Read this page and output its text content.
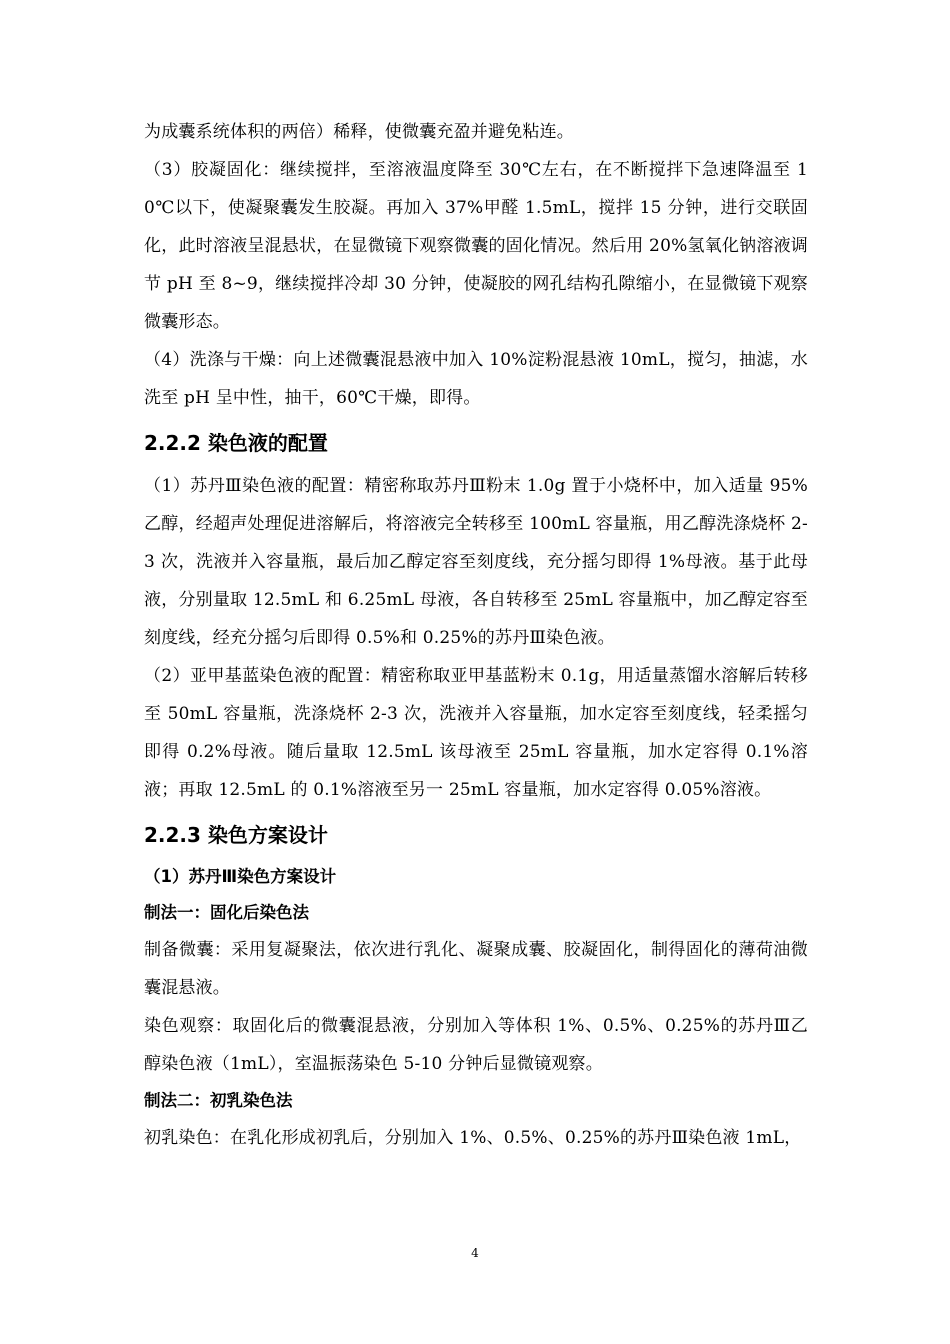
为成囊系统体积的两倍）稀释，使微囊充盈并避免粘连。

（3）胶凝固化：继续搅拌，至溶液温度降至 30℃左右，在不断搅拌下急速降温至 10℃以下，使凝聚囊发生胶凝。再加入 37%甲醛 1.5mL，搅拌 15 分钟，进行交联固化，此时溶液呈混悬状，在显微镜下观察微囊的固化情况。然后用 20%氢氧化钠溶液调节 pH 至 8~9，继续搅拌冷却 30 分钟，使凝胶的网孔结构孔隙缩小，在显微镜下观察微囊形态。

（4）洗涤与干燥：向上述微囊混悬液中加入 10%淀粉混悬液 10mL，搅匀，抽滤，水洗至 pH 呈中性，抽干，60℃干燥，即得。

2.2.2 染色液的配置

（1）苏丹Ⅲ染色液的配置：精密称取苏丹Ⅲ粉末 1.0g 置于小烧杯中，加入适量 95%乙醇，经超声处理促进溶解后，将溶液完全转移至 100mL 容量瓶，用乙醇洗涤烧杯 2-3 次，洗液并入容量瓶，最后加乙醇定容至刻度线，充分摇匀即得 1%母液。基于此母液，分别量取 12.5mL 和 6.25mL 母液，各自转移至 25mL 容量瓶中，加乙醇定容至刻度线，经充分摇匀后即得 0.5%和 0.25%的苏丹Ⅲ染色液。

（2）亚甲基蓝染色液的配置：精密称取亚甲基蓝粉末 0.1g，用适量蒸馏水溶解后转移至 50mL 容量瓶，洗涤烧杯 2-3 次，洗液并入容量瓶，加水定容至刻度线，轻柔摇匀即得 0.2%母液。随后量取 12.5mL 该母液至 25mL 容量瓶，加水定容得 0.1%溶液；再取 12.5mL 的 0.1%溶液至另一 25mL 容量瓶，加水定容得 0.05%溶液。

2.2.3 染色方案设计

（1）苏丹Ⅲ染色方案设计

制法一：固化后染色法

制备微囊：采用复凝聚法，依次进行乳化、凝聚成囊、胶凝固化，制得固化的薄荷油微囊混悬液。

染色观察：取固化后的微囊混悬液，分别加入等体积 1%、0.5%、0.25%的苏丹Ⅲ乙醇染色液（1mL），室温振荡染色 5-10 分钟后显微镜观察。

制法二：初乳染色法

初乳染色：在乳化形成初乳后，分别加入 1%、0.5%、0.25%的苏丹Ⅲ染色液 1mL，

4
